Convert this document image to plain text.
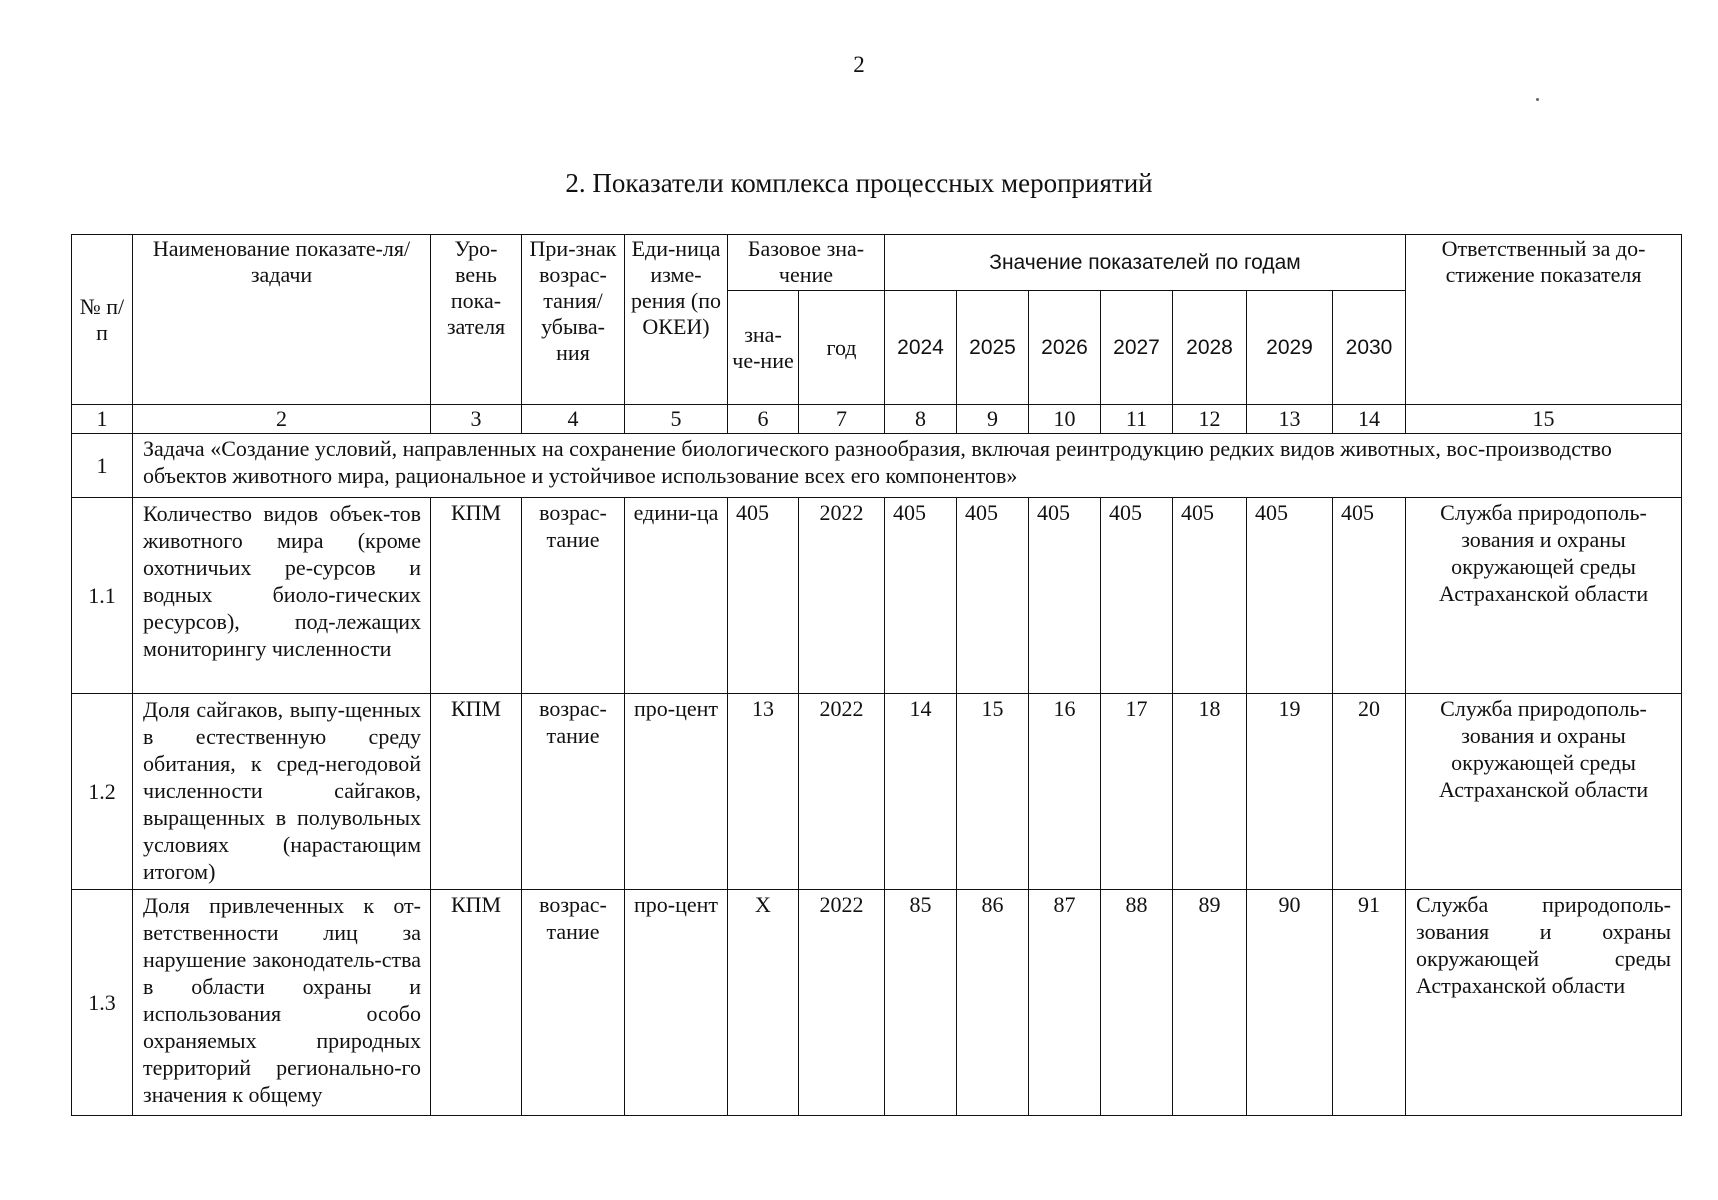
2
2. Показатели комплекса процессных мероприятий
№ п/п	Наименование показате-ля/задачи	Уро-вень пока-зателя	При-знак возрас-тания/ убыва-ния	Еди-ница изме-рения (по ОКЕИ)	Базовое зна-чение		Значение показателей по годам							Ответственный за до-стижение показателя
					зна-че-ние	год	2024	2025	2026	2027	2028	2029	2030	
1	2	3	4	5	6	7	8	9	10	11	12	13	14	15
1	Задача «Создание условий, направленных на сохранение биологического разнообразия, включая реинтродукцию редких видов животных, вос-производство объектов животного мира, рациональное и устойчивое использование всех его компонентов»													
1.1	Количество видов объек-тов животного мира (кроме охотничьих ре-сурсов и водных биоло-гических ресурсов), под-лежащих мониторингу численности	КПМ	возрас-тание	едини-ца	405	2022	405	405	405	405	405	405	405	Служба природополь-зования и охраны окружающей среды Астраханской области
1.2	Доля сайгаков, выпу-щенных в естественную среду обитания, к сред-негодовой численности сайгаков, выращенных в полувольных условиях (нарастающим итогом)	КПМ	возрас-тание	про-цент	13	2022	14	15	16	17	18	19	20	Служба природополь-зования и охраны окружающей среды Астраханской области
1.3	Доля привлеченных к от-ветственности лиц за нарушение законодатель-ства в области охраны и использования особо охраняемых природных территорий регионально-го значения к общему	КПМ	возрас-тание	про-цент	Х	2022	85	86	87	88	89	90	91	Служба природополь-зования и охраны окружающей среды Астраханской области
